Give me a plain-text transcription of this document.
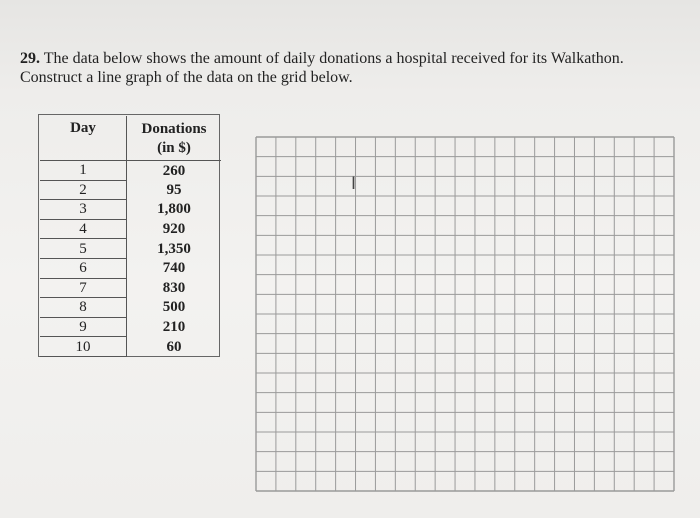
29. The data below shows the amount of daily donations a hospital received for its Walkathon. Construct a line graph of the data on the grid below.
Day	Donations
(in $)
1	260
2	95
3	1,800
4	920
5	1,350
6	740
7	830
8	500
9	210
10	60
I
